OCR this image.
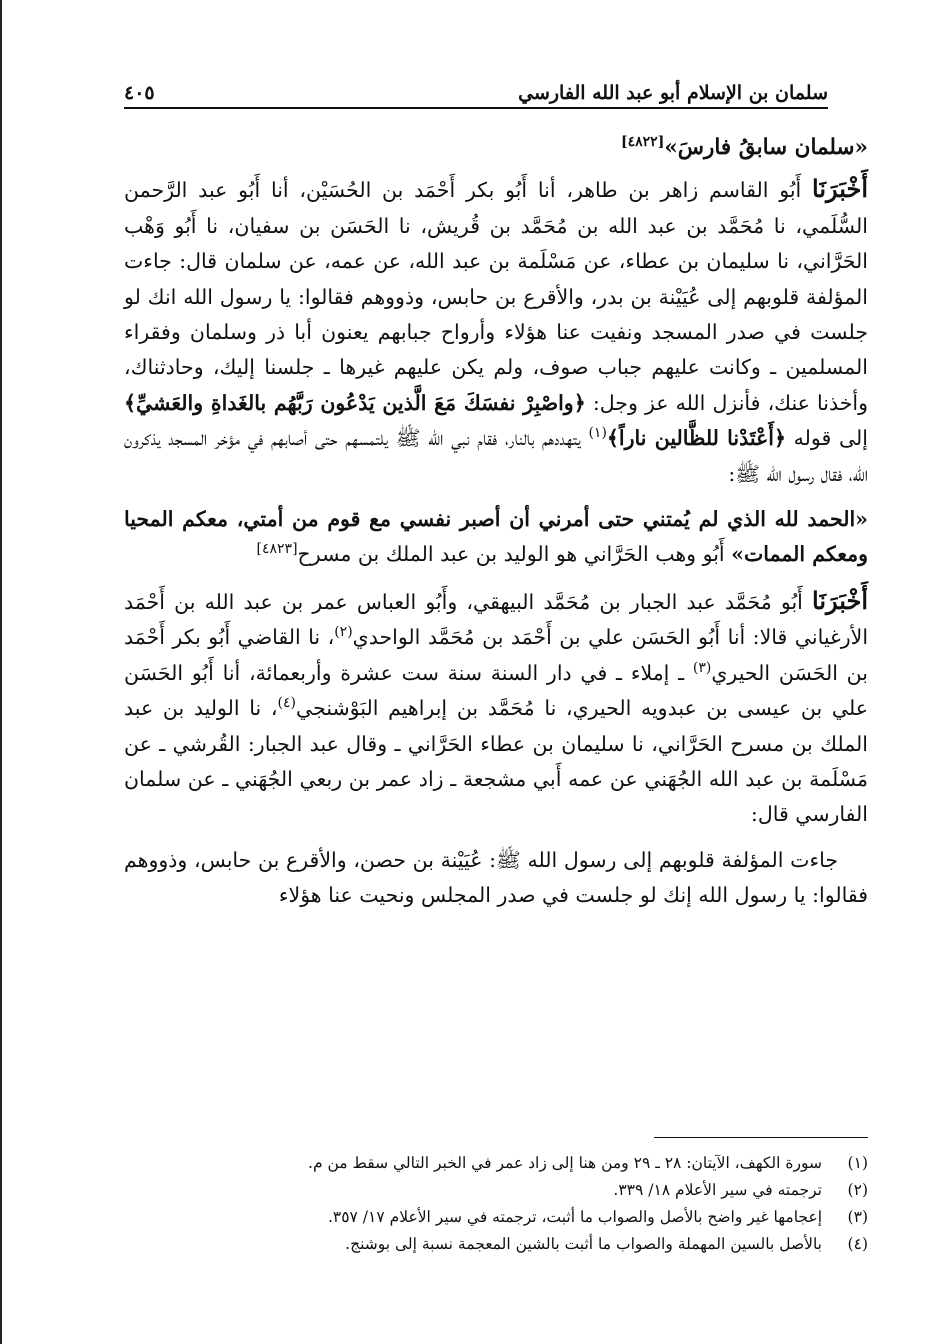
سلمان بن الإسلام أبو عبد الله الفارسي
٤٠٥

«سلمان سابقُ فارسَ»[٤٨٢٢]

أَخْبَرَنَا أَبُو القاسم زاهر بن طاهر، أنا أَبُو بكر أَحْمَد بن الحُسَيْن، أنا أَبُو عبد الرَّحمن السُّلَمي، نا مُحَمَّد بن عبد الله بن مُحَمَّد بن قُريش، نا الحَسَن بن سفيان، نا أَبُو وَهْب الحَرَّاني، نا سليمان بن عطاء، عن مَسْلَمة بن عبد الله، عن عمه، عن سلمان قال: جاءت المؤلفة قلوبهم إلى عُيَيْنة بن بدر، والأقرع بن حابس، وذووهم فقالوا: يا رسول الله انك لو جلست في صدر المسجد ونفيت عنا هؤلاء وأرواح جبابهم يعنون أبا ذر وسلمان وفقراء المسلمين ـ وكانت عليهم جباب صوف، ولم يكن عليهم غيرها ـ جلسنا إليك، وحادثناك، وأخذنا عنك، فأنزل الله عز وجل: ﴿واصْبِرْ نفسَكَ مَعَ الَّذين يَدْعُون رَبَّهُم بالغَداةِ والعَشيِّ﴾ إلى قوله ﴿أَعْتَدْنا للظَّالين ناراً﴾$^{(١)}$ يتهددهم بالنار، فقام نبي الله ﷺ يلتمسهم حتى أصابهم في مؤخر المسجد يذكرون الله، فقال رسول الله ﷺ:

«الحمد لله الذي لم يُمتني حتى أمرني أن أصبر نفسي مع قوم من أمتي، معكم المحيا ومعكم الممات» أَبُو وهب الحَرَّاني هو الوليد بن عبد الملك بن مسرح[٤٨٢٣]

أَخْبَرَنَا أَبُو مُحَمَّد عبد الجبار بن مُحَمَّد البيهقي، وأَبُو العباس عمر بن عبد الله بن أَحْمَد الأرغياني قالا: أنا أَبُو الحَسَن علي بن أَحْمَد بن مُحَمَّد الواحدي$^{(٢)}$، نا القاضي أَبُو بكر أَحْمَد بن الحَسَن الحيري$^{(٣)}$ ـ إملاء ـ في دار السنة سنة ست عشرة وأربعمائة، أنا أَبُو الحَسَن علي بن عيسى بن عبدويه الحيري، نا مُحَمَّد بن إبراهيم البَوْشنجي$^{(٤)}$، نا الوليد بن عبد الملك بن مسرح الحَرَّاني، نا سليمان بن عطاء الحَرَّاني ـ وقال عبد الجبار: القُرشي ـ عن مَسْلَمة بن عبد الله الجُهَني عن عمه أَبي مشجعة ـ زاد عمر بن ربعي الجُهَني ـ عن سلمان الفارسي قال:

جاءت المؤلفة قلوبهم إلى رسول الله ﷺ: عُيَيْنة بن حصن، والأقرع بن حابس، وذووهم فقالوا: يا رسول الله إنك لو جلست في صدر المجلس ونحيت عنا هؤلاء

(١)
سورة الكهف، الآيتان: ٢٨ ـ ٢٩ ومن هنا إلى زاد عمر في الخبر التالي سقط من م.
(٢)
ترجمته في سير الأعلام ١٨/ ٣٣٩.
(٣)
إعجامها غير واضح بالأصل والصواب ما أثبت، ترجمته في سير الأعلام ١٧/ ٣٥٧.
(٤)
بالأصل بالسين المهملة والصواب ما أثبت بالشين المعجمة نسبة إلى بوشنج.
